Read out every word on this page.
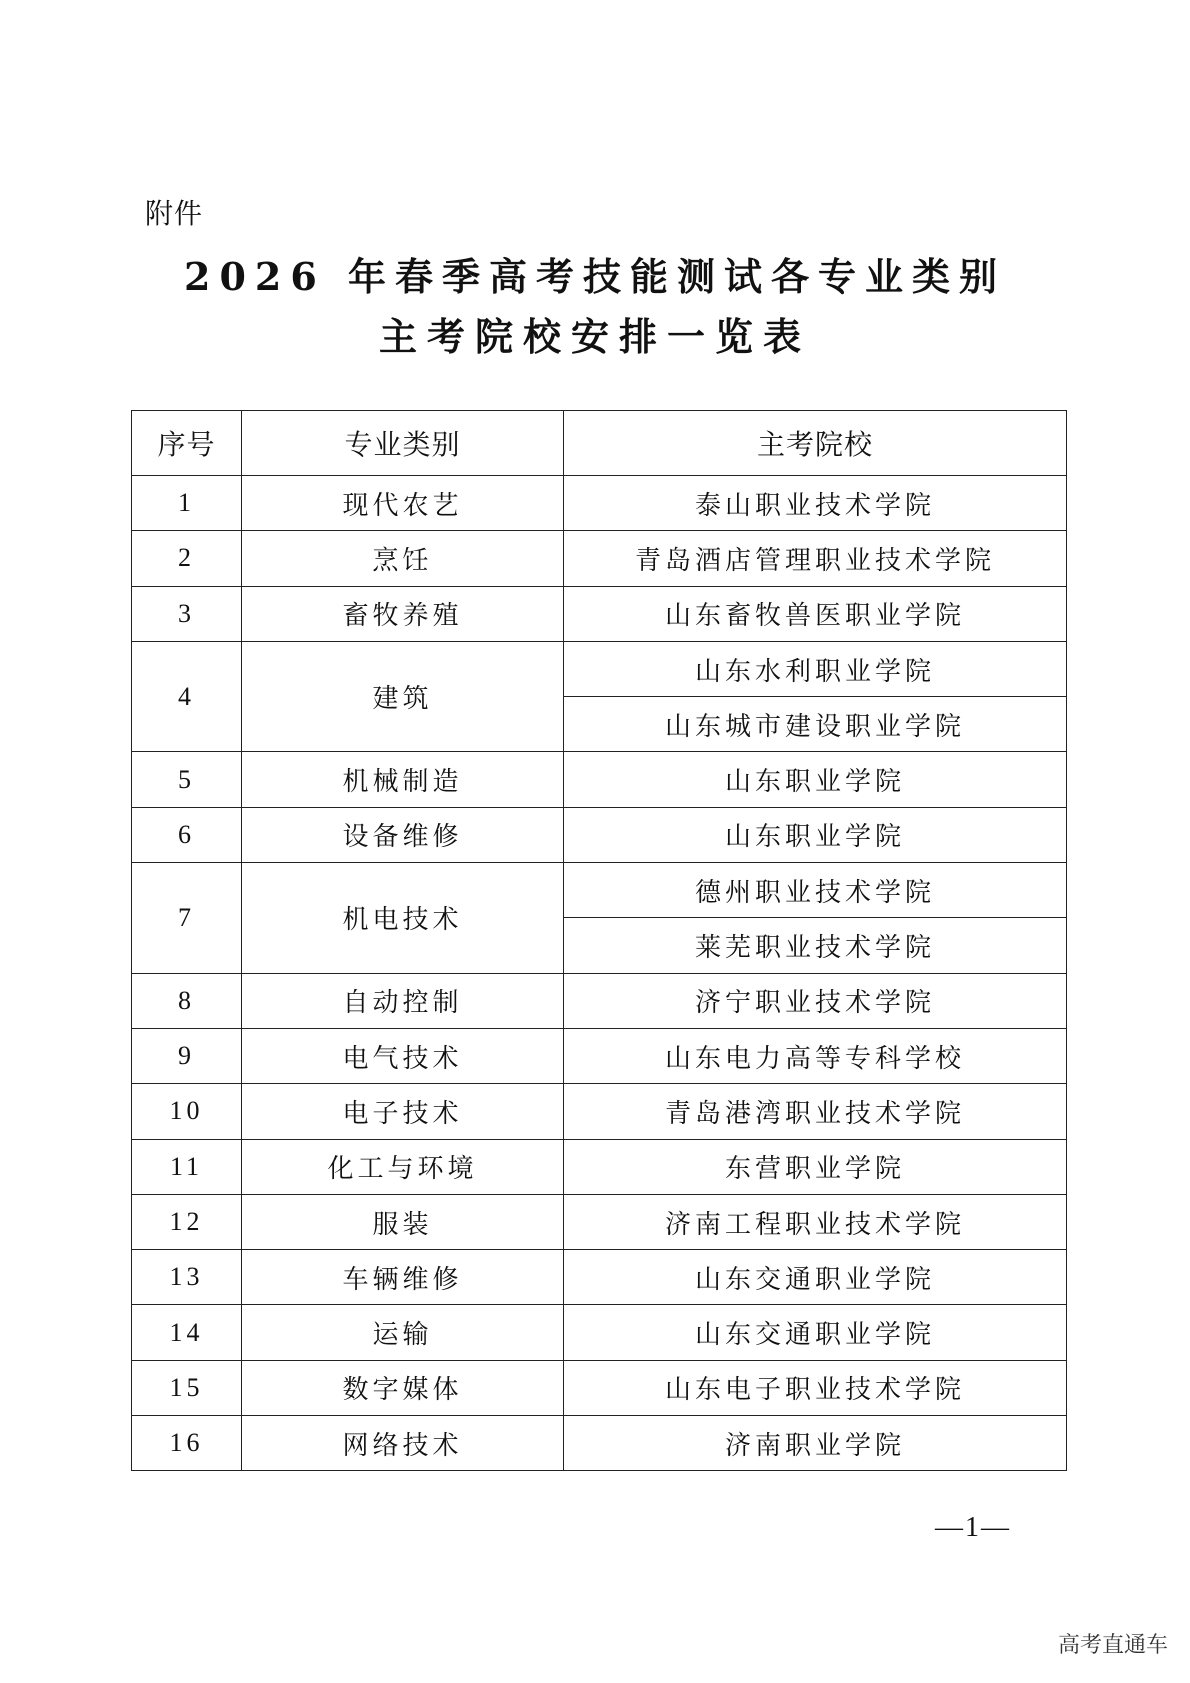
附件
2026 年春季高考技能测试各专业类别
主考院校安排一览表
序号	专业类别	主考院校
1	现代农艺	泰山职业技术学院
2	烹饪	青岛酒店管理职业技术学院
3	畜牧养殖	山东畜牧兽医职业学院
4	建筑	山东水利职业学院
		山东城市建设职业学院
5	机械制造	山东职业学院
6	设备维修	山东职业学院
7	机电技术	德州职业技术学院
		莱芜职业技术学院
8	自动控制	济宁职业技术学院
9	电气技术	山东电力高等专科学校
10	电子技术	青岛港湾职业技术学院
11	化工与环境	东营职业学院
12	服装	济南工程职业技术学院
13	车辆维修	山东交通职业学院
14	运输	山东交通职业学院
15	数字媒体	山东电子职业技术学院
16	网络技术	济南职业学院
—1—
高考直通车
